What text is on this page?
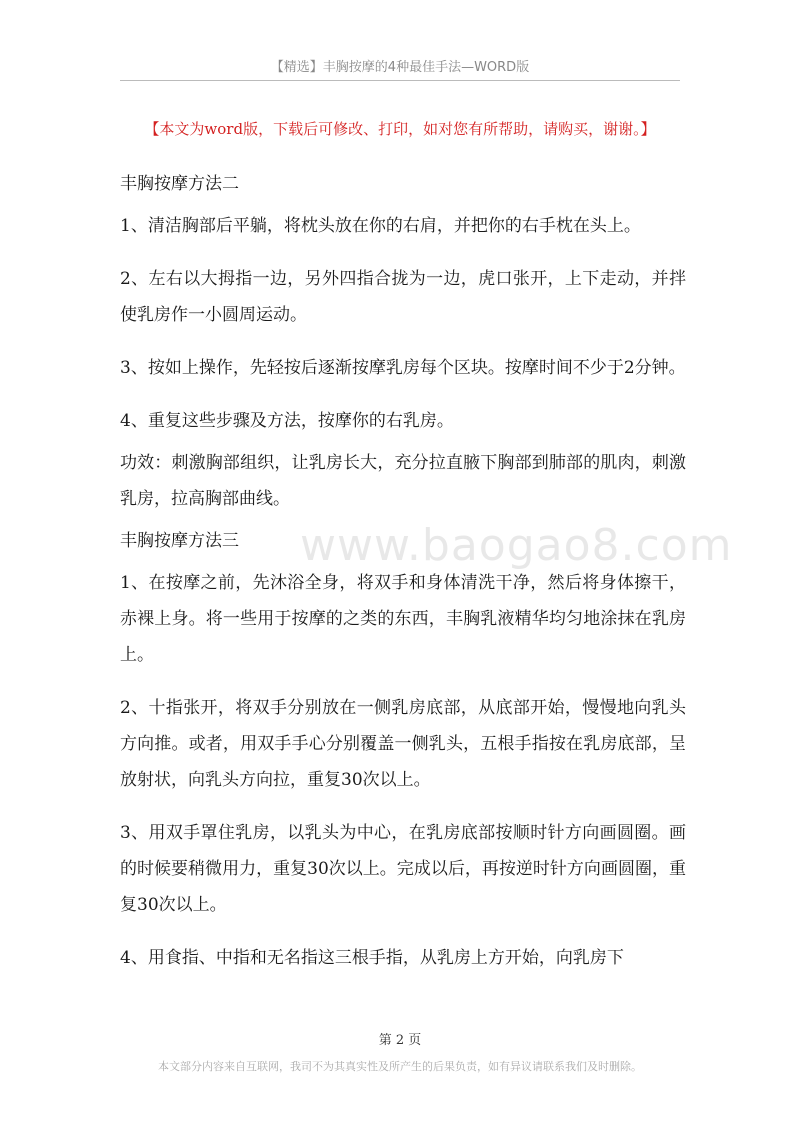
【精选】丰胸按摩的4种最佳手法—WORD版
【本文为word版，下载后可修改、打印，如对您有所帮助，请购买，谢谢。】

丰胸按摩方法二

1、清洁胸部后平躺，将枕头放在你的右肩，并把你的右手枕在头上。

2、左右以大拇指一边，另外四指合拢为一边，虎口张开，上下走动，并拌使乳房作一小圆周运动。

3、按如上操作，先轻按后逐渐按摩乳房每个区块。按摩时间不少于2分钟。

4、重复这些步骤及方法，按摩你的右乳房。

功效：刺激胸部组织，让乳房长大，充分拉直腋下胸部到肺部的肌肉，刺激乳房，拉高胸部曲线。

丰胸按摩方法三

1、在按摩之前，先沐浴全身，将双手和身体清洗干净，然后将身体擦干，赤裸上身。将一些用于按摩的之类的东西，丰胸乳液精华均匀地涂抹在乳房上。

2、十指张开，将双手分别放在一侧乳房底部，从底部开始，慢慢地向乳头方向推。或者，用双手手心分别覆盖一侧乳头，五根手指按在乳房底部，呈放射状，向乳头方向拉，重复30次以上。

3、用双手罩住乳房，以乳头为中心，在乳房底部按顺时针方向画圆圈。画的时候要稍微用力，重复30次以上。完成以后，再按逆时针方向画圆圈，重复30次以上。

4、用食指、中指和无名指这三根手指，从乳房上方开始，向乳房下

www.baogao8.com
第 2 页
本文部分内容来自互联网，我司不为其真实性及所产生的后果负责，如有异议请联系我们及时删除。
